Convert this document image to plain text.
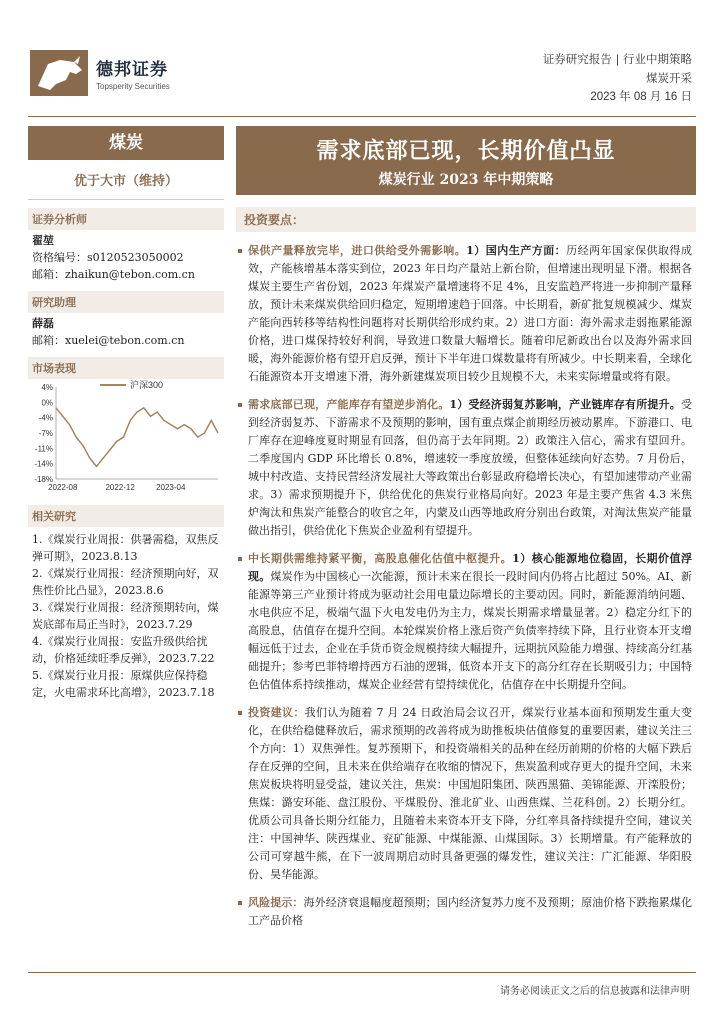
德邦证券
Topsperity Securities
证券研究报告 | 行业中期策略
煤炭开采
2023 年 08 月 16 日
煤炭
优于大市（维持）
证券分析师
翟堃
资格编号：s0120523050002
邮箱：zhaikun@tebon.com.cn
研究助理
薛磊
邮箱：xuelei@tebon.com.cn
市场表现
4%
0%
-4%
-7%
-11%
-14%
-18%
2022-08	2022-12	2023-04
沪深300
相关研究
1.《煤炭行业周报：供暑需稳，双焦反弹可期》，2023.8.13
2.《煤炭行业周报：经济预期向好，双焦性价比凸显》，2023.8.6
3.《煤炭行业周报：经济预期转向，煤炭底部布局正当时》，2023.7.29
4.《煤炭行业周报：安监升级供给扰动，价格延续旺季反弹》，2023.7.22
5.《煤炭行业月报：原煤供应保持稳定，火电需求环比高增》，2023.7.18
需求底部已现，长期价值凸显
煤炭行业 2023 年中期策略
投资要点：
保供产量释放完毕，进口供给受外需影响。1）国内生产方面：历经两年国家保供取得成效，产能核增基本落实到位，2023 年日均产量站上新台阶，但增速出现明显下滑。根据各煤炭主要生产省份划，2023 年煤炭产量增速将不足 4%，且安监趋严将进一步抑制产量释放，预计未来煤炭供给回归稳定，短期增速趋于回落。中长期看，新矿批复规模减少、煤炭产能向西转移等结构性问题将对长期供给形成约束。2）进口方面：海外需求走弱拖累能源价格，进口煤保持较好利润，导致进口数量大幅增长。随着印尼新政出台以及海外需求回暖，海外能源价格有望开启反弹，预计下半年进口煤数量将有所减少。中长期来看，全球化石能源资本开支增速下滑，海外新建煤炭项目较少且规模不大，未来实际增量或将有限。
需求底部已现，产能库存有望逆步消化。1）受经济弱复苏影响，产业链库存有所提升。受到经济弱复苏、下游需求不及预期的影响，国有重点煤企前期经历被动累库。下游港口、电厂库存在迎峰度夏时期显有回落，但仍高于去年同期。2）政策注入信心，需求有望回升。二季度国内 GDP 环比增长 0.8%，增速较一季度放缓，但整体延续向好态势。7 月份后，城中村改造、支持民营经济发展社大等政策出台彰显政府稳增长决心，有望加速带动产业需求。3）需求预期提升下，供给优化的焦炭行业格局向好。2023 年是主要产焦省 4.3 米焦炉淘汰和焦炭产能整合的收官之年，内蒙及山西等地政府分别出台政策，对淘汰焦炭产能量做出指引，供给优化下焦炭企业盈利有望提升。
中长期供需维持紧平衡，高股息催化估值中枢提升。1）核心能源地位稳固，长期价值浮现。煤炭作为中国核心一次能源，预计未来在很长一段时间内仍将占比超过 50%。AI、新能源等第三产业预计将成为驱动社会用电量边际增长的主要动因。同时，新能源消纳问题、水电供应不足，极端气温下火电发电仍为主力，煤炭长期需求增量显著。2）稳定分红下的高股息，估值存在提升空间。本轮煤炭价格上涨后资产负债率持续下降，且行业资本开支增幅远低于过去，企业在手货币资金规模持续大幅提升，远期抗风险能力增强、持续高分红基础提升；参考巴菲特增持西方石油的逻辑，低资本开支下的高分红存在长期吸引力；中国特色估值体系持续推动，煤炭企业经营有望持续优化，估值存在中长期提升空间。
投资建议：我们认为随着 7 月 24 日政治局会议召开，煤炭行业基本面和预期发生重大变化，在供给稳健释放后，需求预期的改善将成为助推板块估值修复的重要因素，建议关注三个方向：1）双焦弹性。复苏预期下，和投资端相关的品种在经历前期的价格的大幅下跌后存在反弹的空间，且未来在供给端存在收缩的情况下，焦炭盈利或存更大的提升空间，未来焦炭板块将明显受益，建议关注，焦炭：中国旭阳集团、陕西黑猫、美锦能源、开滦股份；焦煤：潞安环能、盘江股份、平煤股份、淮北矿业、山西焦煤、兰花科创。2）长期分红。优质公司具备长期分红能力，且随着未来资本开支下降，分红率具备持续提升空间，建议关注：中国神华、陕西煤业、兖矿能源、中煤能源、山煤国际。3）长期增量。有产能释放的公司可穿越牛熊，在下一波周期启动时具备更强的爆发性，建议关注：广汇能源、华阳股份、昊华能源。
风险提示：海外经济衰退幅度超预期；国内经济复苏力度不及预期；原油价格下跌拖累煤化工产品价格
请务必阅读正文之后的信息披露和法律声明
